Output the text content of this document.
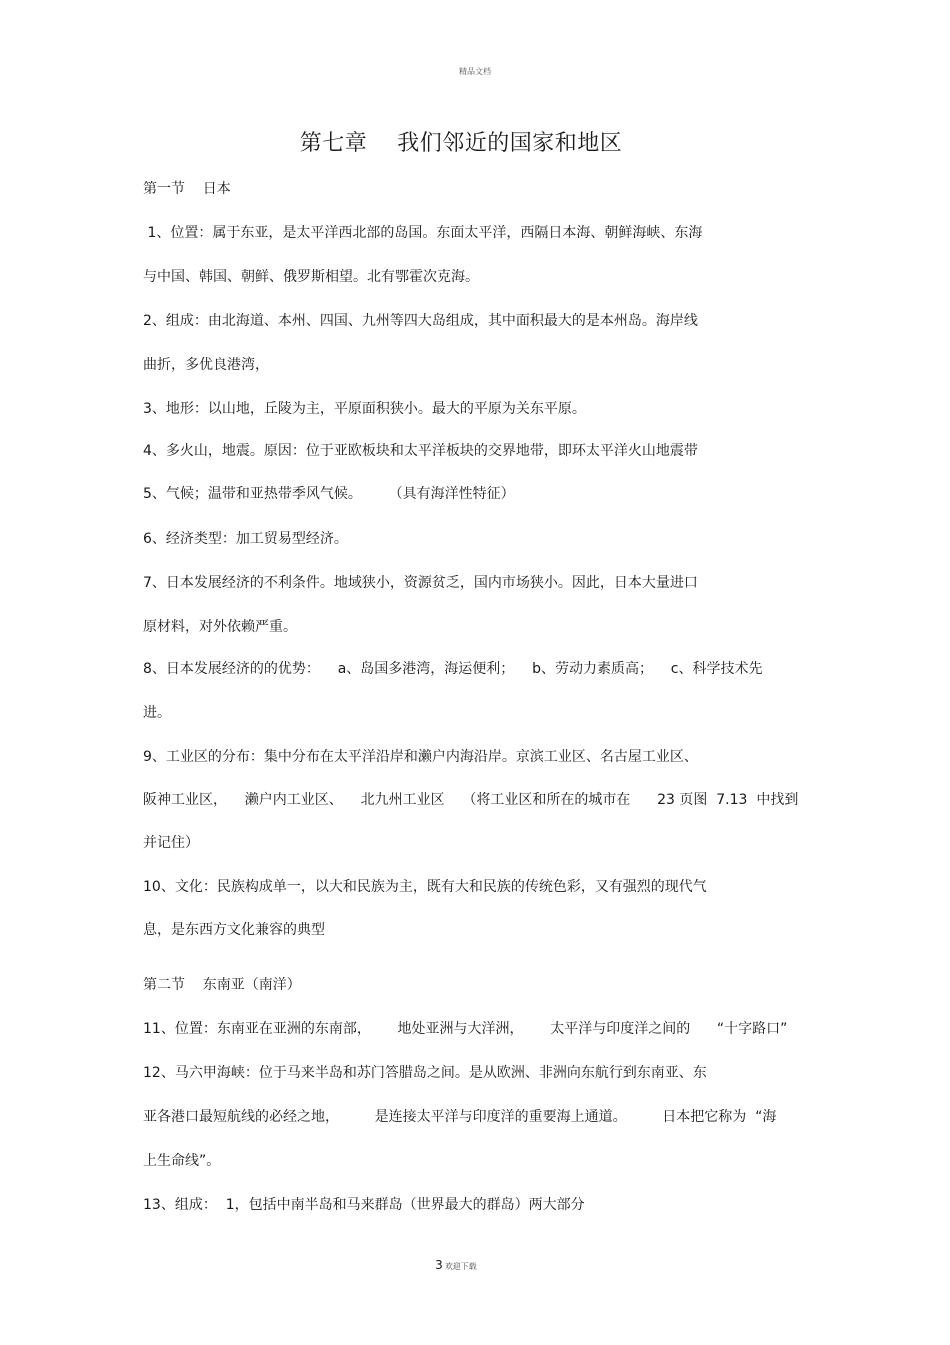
精品文档
第七章    我们邻近的国家和地区
第一节    日本
1、位置：属于东亚，是太平洋西北部的岛国。东面太平洋，西隔日本海、朝鲜海峡、东海
与中国、韩国、朝鲜、俄罗斯相望。北有鄂霍次克海。
2、组成：由北海道、本州、四国、九州等四大岛组成，其中面积最大的是本州岛。海岸线
曲折，多优良港湾，
3、地形：以山地，丘陵为主，平原面积狭小。最大的平原为关东平原。
4、多火山，地震。原因：位于亚欧板块和太平洋板块的交界地带，即环太平洋火山地震带
5、气候；温带和亚热带季风气候。      （具有海洋性特征）
6、经济类型：加工贸易型经济。
7、日本发展经济的不利条件。地域狭小，资源贫乏，国内市场狭小。因此，日本大量进口
原材料，对外依赖严重。
8、日本发展经济的的优势：    a、岛国多港湾，海运便利；    b、劳动力素质高；    c、科学技术先
进。
9、工业区的分布：集中分布在太平洋沿岸和濑户内海沿岸。京滨工业区、名古屋工业区、
阪神工业区，    濑户内工业区、    北九州工业区    （将工业区和所在的城市在      23 页图  7.13  中找到
并记住）
10、文化：民族构成单一，以大和民族为主，既有大和民族的传统色彩，又有强烈的现代气
息，是东西方文化兼容的典型
第二节    东南亚（南洋）
11、位置：东南亚在亚洲的东南部，      地处亚洲与大洋洲，      太平洋与印度洋之间的      “十字路口”
12、马六甲海峡：位于马来半岛和苏门答腊岛之间。是从欧洲、非洲向东航行到东南亚、东
亚各港口最短航线的必经之地，        是连接太平洋与印度洋的重要海上通道。        日本把它称为  “海
上生命线”。
13、组成：  1，包括中南半岛和马来群岛（世界最大的群岛）两大部分
3 欢迎下载
